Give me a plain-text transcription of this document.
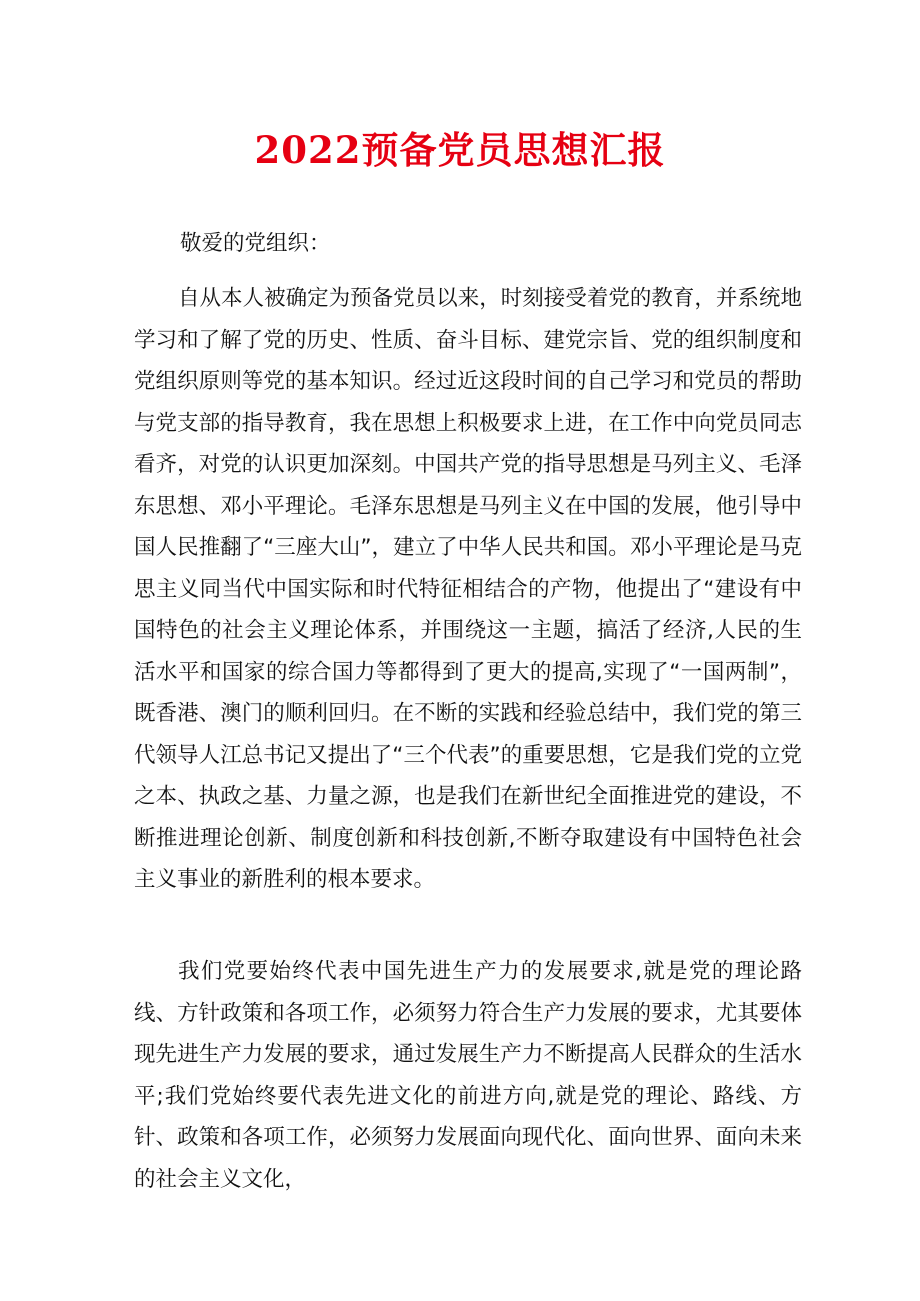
2022预备党员思想汇报

敬爱的党组织：

自从本人被确定为预备党员以来，时刻接受着党的教育，并系统地学习和了解了党的历史、性质、奋斗目标、建党宗旨、党的组织制度和党组织原则等党的基本知识。经过近这段时间的自己学习和党员的帮助与党支部的指导教育，我在思想上积极要求上进，在工作中向党员同志看齐，对党的认识更加深刻。中国共产党的指导思想是马列主义、毛泽东思想、邓小平理论。毛泽东思想是马列主义在中国的发展，他引导中国人民推翻了“三座大山”，建立了中华人民共和国。邓小平理论是马克思主义同当代中国实际和时代特征相结合的产物，他提出了“建设有中国特色的社会主义理论体系，并围绕这一主题，搞活了经济,人民的生活水平和国家的综合国力等都得到了更大的提高,实现了“一国两制”，既香港、澳门的顺利回归。在不断的实践和经验总结中，我们党的第三代领导人江总书记又提出了“三个代表”的重要思想，它是我们党的立党之本、执政之基、力量之源，也是我们在新世纪全面推进党的建设，不断推进理论创新、制度创新和科技创新,不断夺取建设有中国特色社会主义事业的新胜利的根本要求。

我们党要始终代表中国先进生产力的发展要求,就是党的理论路线、方针政策和各项工作，必须努力符合生产力发展的要求，尤其要体现先进生产力发展的要求，通过发展生产力不断提高人民群众的生活水平;我们党始终要代表先进文化的前进方向,就是党的理论、路线、方针、政策和各项工作，必须努力发展面向现代化、面向世界、面向未来的社会主义文化，
